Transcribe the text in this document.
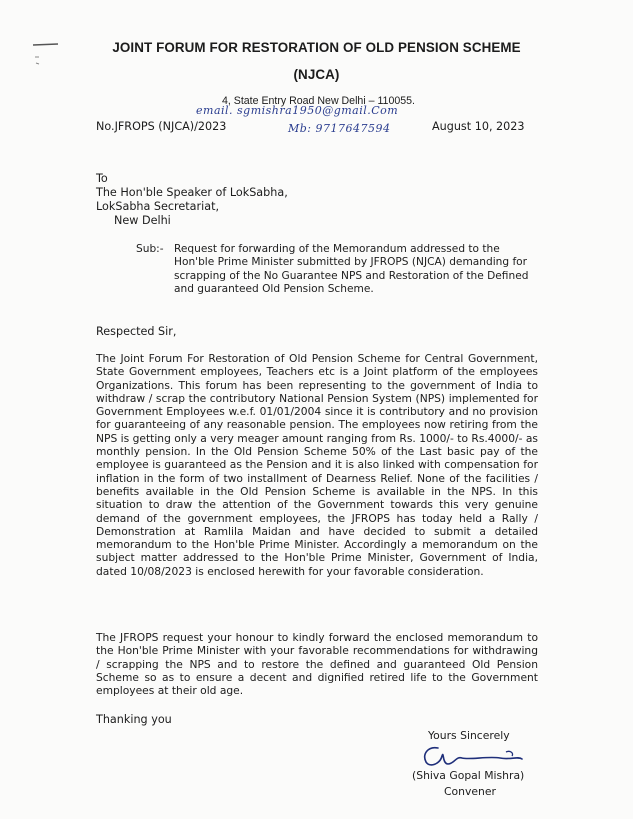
JOINT FORUM FOR RESTORATION OF OLD PENSION SCHEME
(NJCA)
4, State Entry Road New Delhi – 110055.
email. sgmishra1950@gmail.Com
Mb: 9717647594
No.JFROPS (NJCA)/2023	August 10, 2023
To
The Hon'ble Speaker of LokSabha,
LokSabha Secretariat,
New Delhi
Sub:- Request for forwarding of the Memorandum addressed to the Hon'ble Prime Minister submitted by JFROPS (NJCA) demanding for scrapping of the No Guarantee NPS and Restoration of the Defined and guaranteed Old Pension Scheme.
Respected Sir,
The Joint Forum For Restoration of Old Pension Scheme for Central Government, State Government employees, Teachers etc is a Joint platform of the employees Organizations. This forum has been representing to the government of India to withdraw / scrap the contributory National Pension System (NPS) implemented for Government Employees w.e.f. 01/01/2004 since it is contributory and no provision for guaranteeing of any reasonable pension. The employees now retiring from the NPS is getting only a very meager amount ranging from Rs. 1000/- to Rs.4000/- as monthly pension. In the Old Pension Scheme 50% of the Last basic pay of the employee is guaranteed as the Pension and it is also linked with compensation for inflation in the form of two installment of Dearness Relief. None of the facilities / benefits available in the Old Pension Scheme is available in the NPS. In this situation to draw the attention of the Government towards this very genuine demand of the government employees, the JFROPS has today held a Rally / Demonstration at Ramlila Maidan and have decided to submit a detailed memorandum to the Hon'ble Prime Minister. Accordingly a memorandum on the subject matter addressed to the Hon'ble Prime Minister, Government of India, dated 10/08/2023 is enclosed herewith for your favorable consideration.
The JFROPS request your honour to kindly forward the enclosed memorandum to the Hon'ble Prime Minister with your favorable recommendations for withdrawing / scrapping the NPS and to restore the defined and guaranteed Old Pension Scheme so as to ensure a decent and dignified retired life to the Government employees at their old age.
Thanking you
Yours Sincerely
(Shiva Gopal Mishra)
Convener
